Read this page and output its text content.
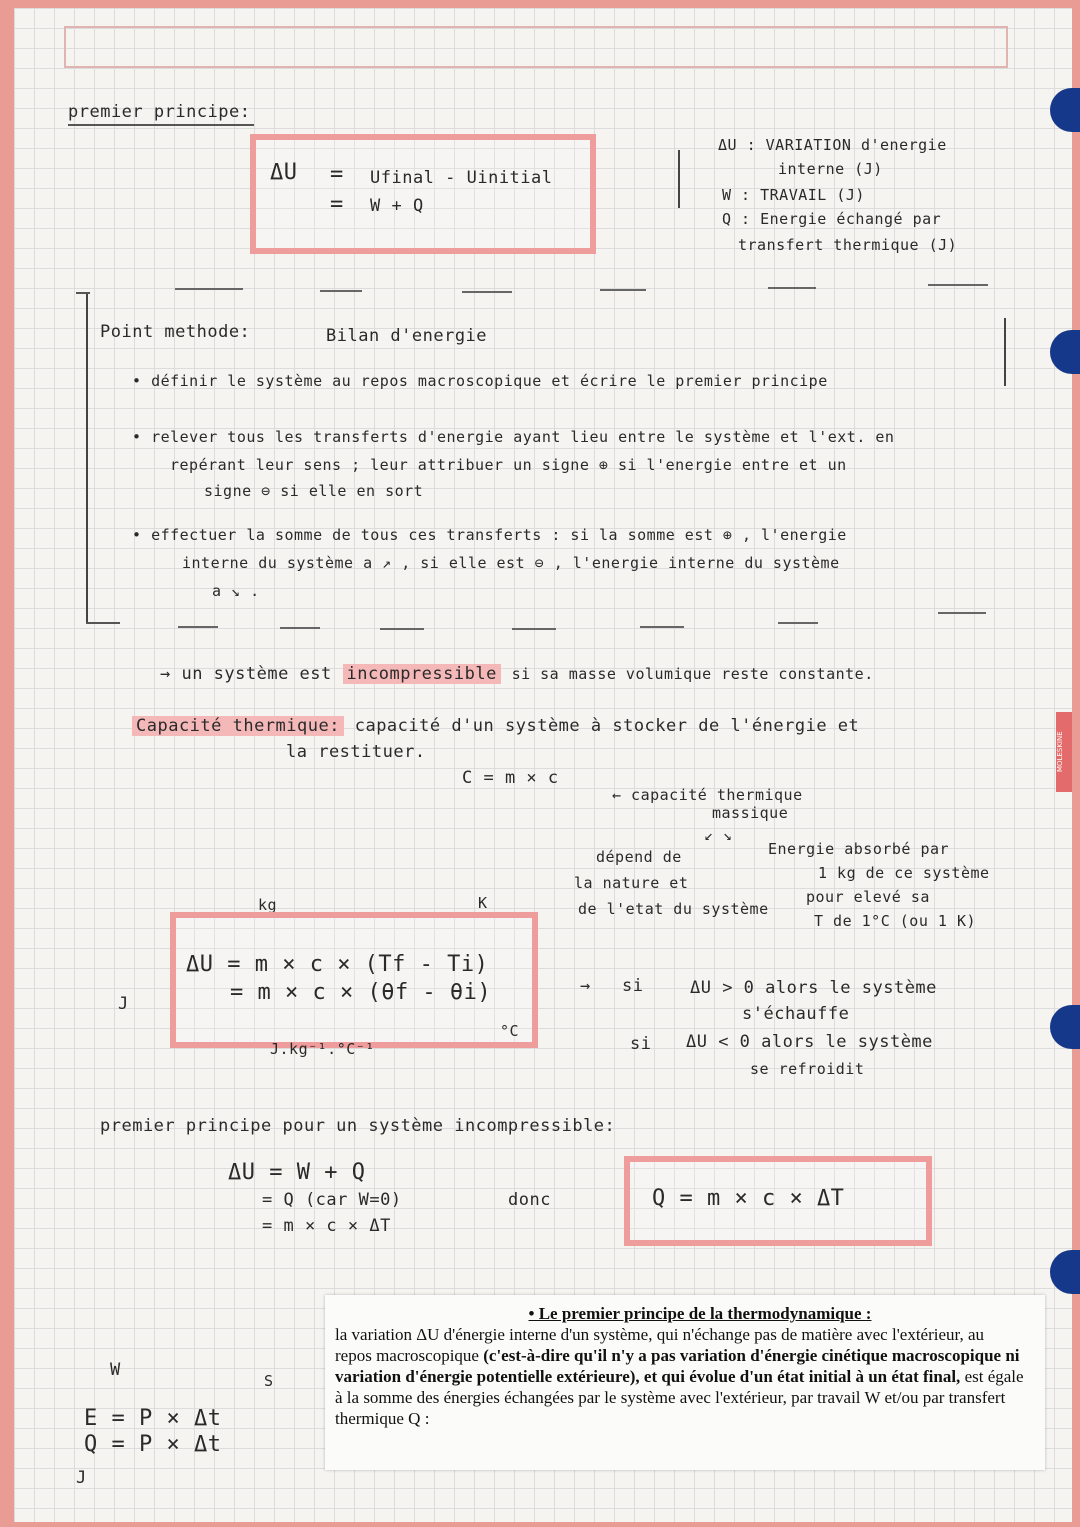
MOLESKINE
premier principe:
ΔU = Ufinal - Uinitial
= W + Q
ΔU : VARIATION d'energie
interne (J)
W : TRAVAIL (J)
Q : Energie échangé par
transfert thermique (J)
Point methode:	Bilan d'energie
• définir le système au repos macroscopique et écrire le premier principe
• relever tous les transferts d'energie ayant lieu entre le système et l'ext. en
repérant leur sens ; leur attribuer un signe ⊕ si l'energie entre et un
signe ⊖ si elle en sort
• effectuer la somme de tous ces transferts : si la somme est ⊕ , l'energie
interne du système a ↗ , si elle est ⊖ , l'energie interne du système
a ↘ .
→ un système est incompressible si sa masse volumique reste constante.
Capacité thermique: capacité d'un système à stocker de l'énergie et
la restituer.
C = m × c
← capacité thermique
massique
↙ ↘
dépend de
la nature et
de l'etat du système
Energie absorbé par
1 kg de ce système
pour elevé sa
T de 1°C (ou 1 K)
kg	K
ΔU = m × c × (Tf - Ti)
= m × c × (θf - θi)
J.kg⁻¹.°C⁻¹
°C
J
→ si	ΔU > 0 alors le système
s'échauffe
si ΔU < 0 alors le système
se refroidit
premier principe pour un système incompressible:
ΔU = W + Q
= Q (car W=0)
= m × c × ΔT
donc	Q = m × c × ΔT
W
S
E = P × Δt
Q = P × Δt
J
• Le premier principe de la thermodynamique :
la variation ΔU d'énergie interne d'un système, qui n'échange pas de matière avec l'extérieur, au repos macroscopique (c'est-à-dire qu'il n'y a pas variation d'énergie cinétique macroscopique ni variation d'énergie potentielle extérieure), et qui évolue d'un état initial à un état final, est égale à la somme des énergies échangées par le système avec l'extérieur, par travail W et/ou par transfert thermique Q :
